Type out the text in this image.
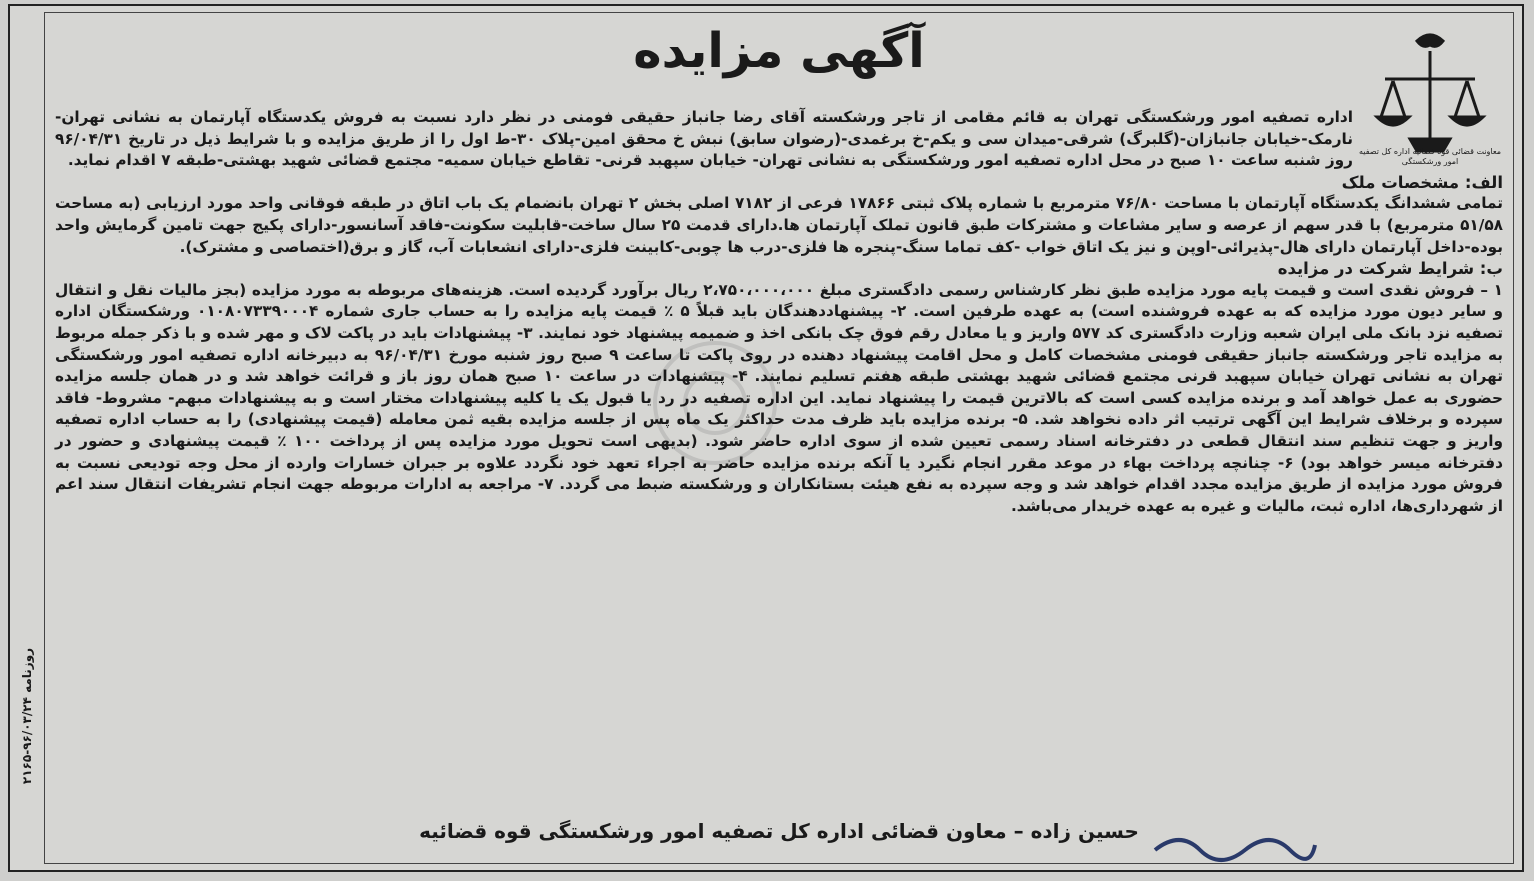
روزنامه ۹۶/۰۳/۲۴-۲۱۶۵
آگهی مزایده
معاونت قضائی قوه قضائیه اداره کل تصفیه امور ورشکستگی

اداره تصفیه امور ورشکستگی تهران به قائم مقامی از تاجر ورشکسته آقای رضا جانباز حقیقی فومنی در نظر دارد نسبت به فروش یکدستگاه آپارتمان به نشانی تهران-نارمک-خیابان جانبازان-(گلبرگ) شرقی-میدان سی و یکم-خ برغمدی-(رضوان سابق) نبش خ محقق امین-پلاک ۳۰-ط اول را از طریق مزایده و با شرایط ذیل در تاریخ ۹۶/۰۴/۳۱ روز شنبه ساعت ۱۰ صبح در محل اداره تصفیه امور ورشکستگی به نشانی تهران- خیابان سپهبد قرنی- تقاطع خیابان سمیه- مجتمع قضائی شهید بهشتی-طبقه ۷ اقدام نماید.

الف: مشخصات ملک

تمامی ششدانگ یکدستگاه آپارتمان با مساحت ۷۶/۸۰ مترمربع با شماره پلاک ثبتی ۱۷۸۶۶ فرعی از ۷۱۸۲ اصلی بخش ۲ تهران بانضمام یک باب اتاق در طبقه فوقانی واحد مورد ارزیابی (به مساحت ۵۱/۵۸ مترمربع) با قدر سهم از عرصه و سایر مشاعات و مشترکات طبق قانون تملک آپارتمان ها.دارای قدمت ۲۵ سال ساخت-قابلیت سکونت-فاقد آسانسور-دارای پکیج جهت تامین گرمایش واحد بوده-داخل آپارتمان دارای هال-پذیرائی-اوپن و نیز یک اتاق خواب -کف تماما سنگ-پنجره ها فلزی-درب ها چوبی-کابینت فلزی-دارای انشعابات آب، گاز و برق(اختصاصی و مشترک).

ب: شرایط شرکت در مزایده

۱ – فروش نقدی است و قیمت پایه مورد مزایده طبق نظر کارشناس رسمی دادگستری مبلغ ۲،۷۵۰،۰۰۰،۰۰۰ ریال برآورد گردیده است. هزینه‌های مربوطه به مورد مزایده (بجز مالیات نقل و انتقال و سایر دیون مورد مزایده که به عهده فروشنده است) به عهده طرفین است. ۲- پیشنهاددهندگان باید قبلاً ۵ ٪ قیمت پایه مزایده را به حساب جاری شماره ۰۱۰۸۰۷۳۳۹۰۰۰۴ ورشکستگان اداره تصفیه نزد بانک ملی ایران شعبه وزارت دادگستری کد ۵۷۷ واریز و یا معادل رقم فوق چک بانکی اخذ و ضمیمه پیشنهاد خود نمایند. ۳- پیشنهادات باید در پاکت لاک و مهر شده و با ذکر جمله مربوط به مزایده تاجر ورشکسته جانباز حقیقی فومنی مشخصات کامل و محل اقامت پیشنهاد دهنده در روی پاکت تا ساعت ۹ صبح روز شنبه مورخ ۹۶/۰۴/۳۱ به دبیرخانه اداره تصفیه امور ورشکستگی تهران به نشانی تهران خیابان سپهبد قرنی مجتمع قضائی شهید بهشتی طبقه هفتم تسلیم نمایند. ۴- پیشنهادات در ساعت ۱۰ صبح همان روز باز و قرائت خواهد شد و در همان جلسه مزایده حضوری به عمل خواهد آمد و برنده مزایده کسی است که بالاترین قیمت را پیشنهاد نماید. این اداره تصفیه در رد یا قبول یک یا کلیه پیشنهادات مختار است و به پیشنهادات مبهم- مشروط- فاقد سپرده و برخلاف شرایط این آگهی ترتیب اثر داده نخواهد شد. ۵- برنده مزایده باید ظرف مدت حداکثر یک ماه پس از جلسه مزایده بقیه ثمن معامله (قیمت پیشنهادی) را به حساب اداره تصفیه واریز و جهت تنظیم سند انتقال قطعی در دفترخانه اسناد رسمی تعیین شده از سوی اداره حاضر شود. (بدیهی است تحویل مورد مزایده پس از پرداخت ۱۰۰ ٪ قیمت پیشنهادی و حضور در دفترخانه میسر خواهد بود) ۶- چنانچه پرداخت بهاء در موعد مقرر انجام نگیرد یا آنکه برنده مزایده حاضر به اجراء تعهد خود نگردد علاوه بر جبران خسارات وارده از محل وجه تودیعی نسبت به فروش مورد مزایده از طریق مزایده مجدد اقدام خواهد شد و وجه سپرده به نفع هیئت بستانکاران و ورشکسته ضبط می گردد. ۷- مراجعه به ادارات مربوطه جهت انجام تشریفات انتقال سند اعم از شهرداری‌ها، اداره ثبت، مالیات و غیره به عهده خریدار می‌باشد.

حسین زاده – معاون قضائی اداره کل تصفیه امور ورشکستگی قوه قضائیه
